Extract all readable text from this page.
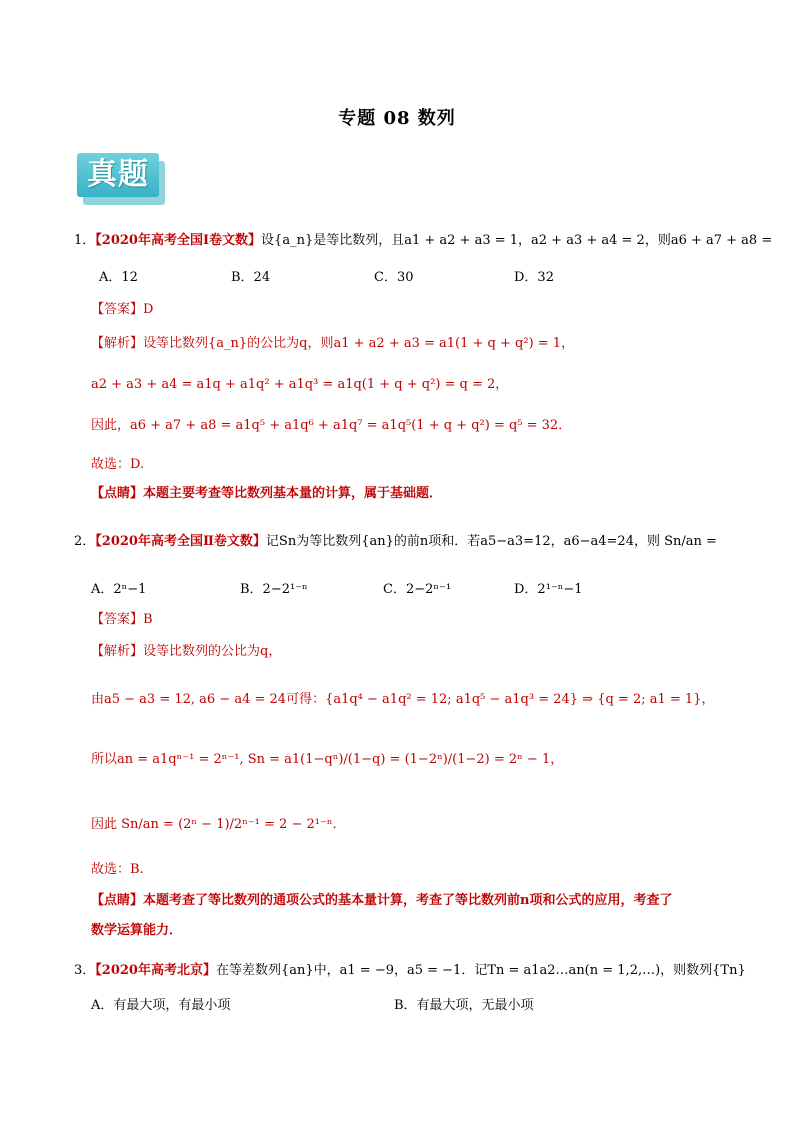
专题 08 数列
真题
1．【2020年高考全国Ⅰ卷文数】设{a_n}是等比数列，且a1 + a2 + a3 = 1，a2 + a3 + a4 = 2，则a6 + a7 + a8 =
A．12	B．24	C．30	D．32
【答案】D
【解析】设等比数列{a_n}的公比为q，则a1 + a2 + a3 = a1(1 + q + q²) = 1，
a2 + a3 + a4 = a1q + a1q² + a1q³ = a1q(1 + q + q²) = q = 2，
因此，a6 + a7 + a8 = a1q⁵ + a1q⁶ + a1q⁷ = a1q⁵(1 + q + q²) = q⁵ = 32．
故选：D.
【点睛】本题主要考查等比数列基本量的计算，属于基础题．
2．【2020年高考全国Ⅱ卷文数】记Sn为等比数列{an}的前n项和．若a5−a3=12，a6−a4=24，则 Sn/an =
A．2ⁿ−1	B．2−2¹⁻ⁿ	C．2−2ⁿ⁻¹	D．2¹⁻ⁿ−1
【答案】B
【解析】设等比数列的公比为q，
由a5 − a3 = 12, a6 − a4 = 24可得：{a1q⁴ − a1q² = 12; a1q⁵ − a1q³ = 24} ⇒ {q = 2; a1 = 1}，
所以an = a1qⁿ⁻¹ = 2ⁿ⁻¹, Sn = a1(1−qⁿ)/(1−q) = (1−2ⁿ)/(1−2) = 2ⁿ − 1，
因此 Sn/an = (2ⁿ − 1)/2ⁿ⁻¹ = 2 − 2¹⁻ⁿ．
故选：B.
【点睛】本题考查了等比数列的通项公式的基本量计算，考查了等比数列前n项和公式的应用，考查了
数学运算能力．
3．【2020年高考北京】在等差数列{an}中，a1 = −9，a5 = −1．记Tn = a1a2…an(n = 1,2,…)，则数列{Tn}
A．有最大项，有最小项	B．有最大项，无最小项
